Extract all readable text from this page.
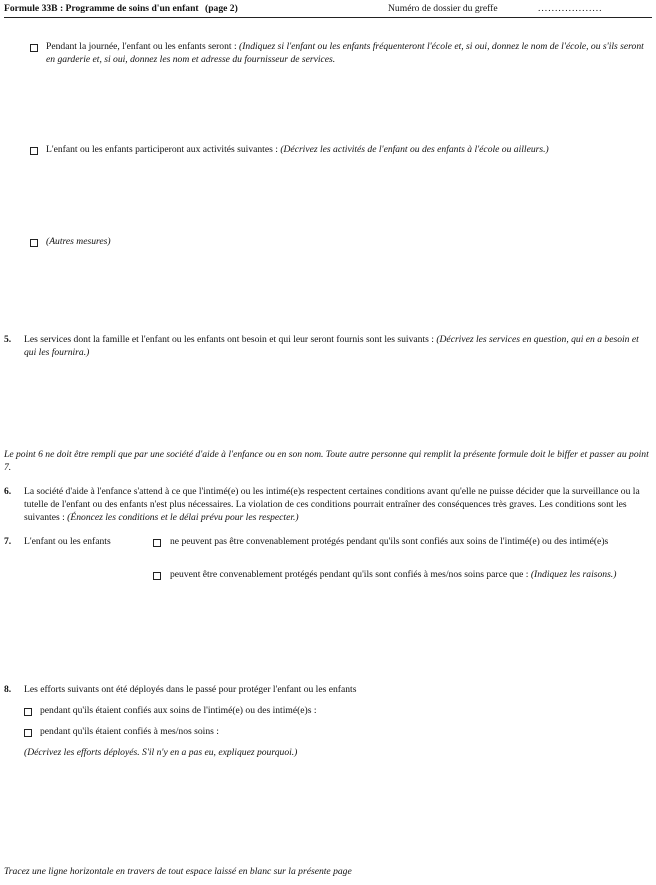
Formule 33B : Programme de soins d'un enfant (page 2)	Numéro de dossier du greffe	...................
Pendant la journée, l'enfant ou les enfants seront : (Indiquez si l'enfant ou les enfants fréquenteront l'école et, si oui, donnez le nom de l'école, ou s'ils seront en garderie et, si oui, donnez les nom et adresse du fournisseur de services.
L'enfant ou les enfants participeront aux activités suivantes : (Décrivez les activités de l'enfant ou des enfants à l'école ou ailleurs.)
(Autres mesures)
5. Les services dont la famille et l'enfant ou les enfants ont besoin et qui leur seront fournis sont les suivants : (Décrivez les services en question, qui en a besoin et qui les fournira.)
Le point 6 ne doit être rempli que par une société d'aide à l'enfance ou en son nom. Toute autre personne qui remplit la présente formule doit le biffer et passer au point 7.
6. La société d'aide à l'enfance s'attend à ce que l'intimé(e) ou les intimé(e)s respectent certaines conditions avant qu'elle ne puisse décider que la surveillance ou la tutelle de l'enfant ou des enfants n'est plus nécessaires. La violation de ces conditions pourrait entraîner des conséquences très graves. Les conditions sont les suivantes : (Énoncez les conditions et le délai prévu pour les respecter.)
7. L'enfant ou les enfants	ne peuvent pas être convenablement protégés pendant qu'ils sont confiés aux soins de l'intimé(e) ou des intimé(e)s
peuvent être convenablement protégés pendant qu'ils sont confiés à mes/nos soins parce que : (Indiquez les raisons.)
8. Les efforts suivants ont été déployés dans le passé pour protéger l'enfant ou les enfants
pendant qu'ils étaient confiés aux soins de l'intimé(e) ou des intimé(e)s :
pendant qu'ils étaient confiés à mes/nos soins :
(Décrivez les efforts déployés. S'il n'y en a pas eu, expliquez pourquoi.)
Tracez une ligne horizontale en travers de tout espace laissé en blanc sur la présente page
